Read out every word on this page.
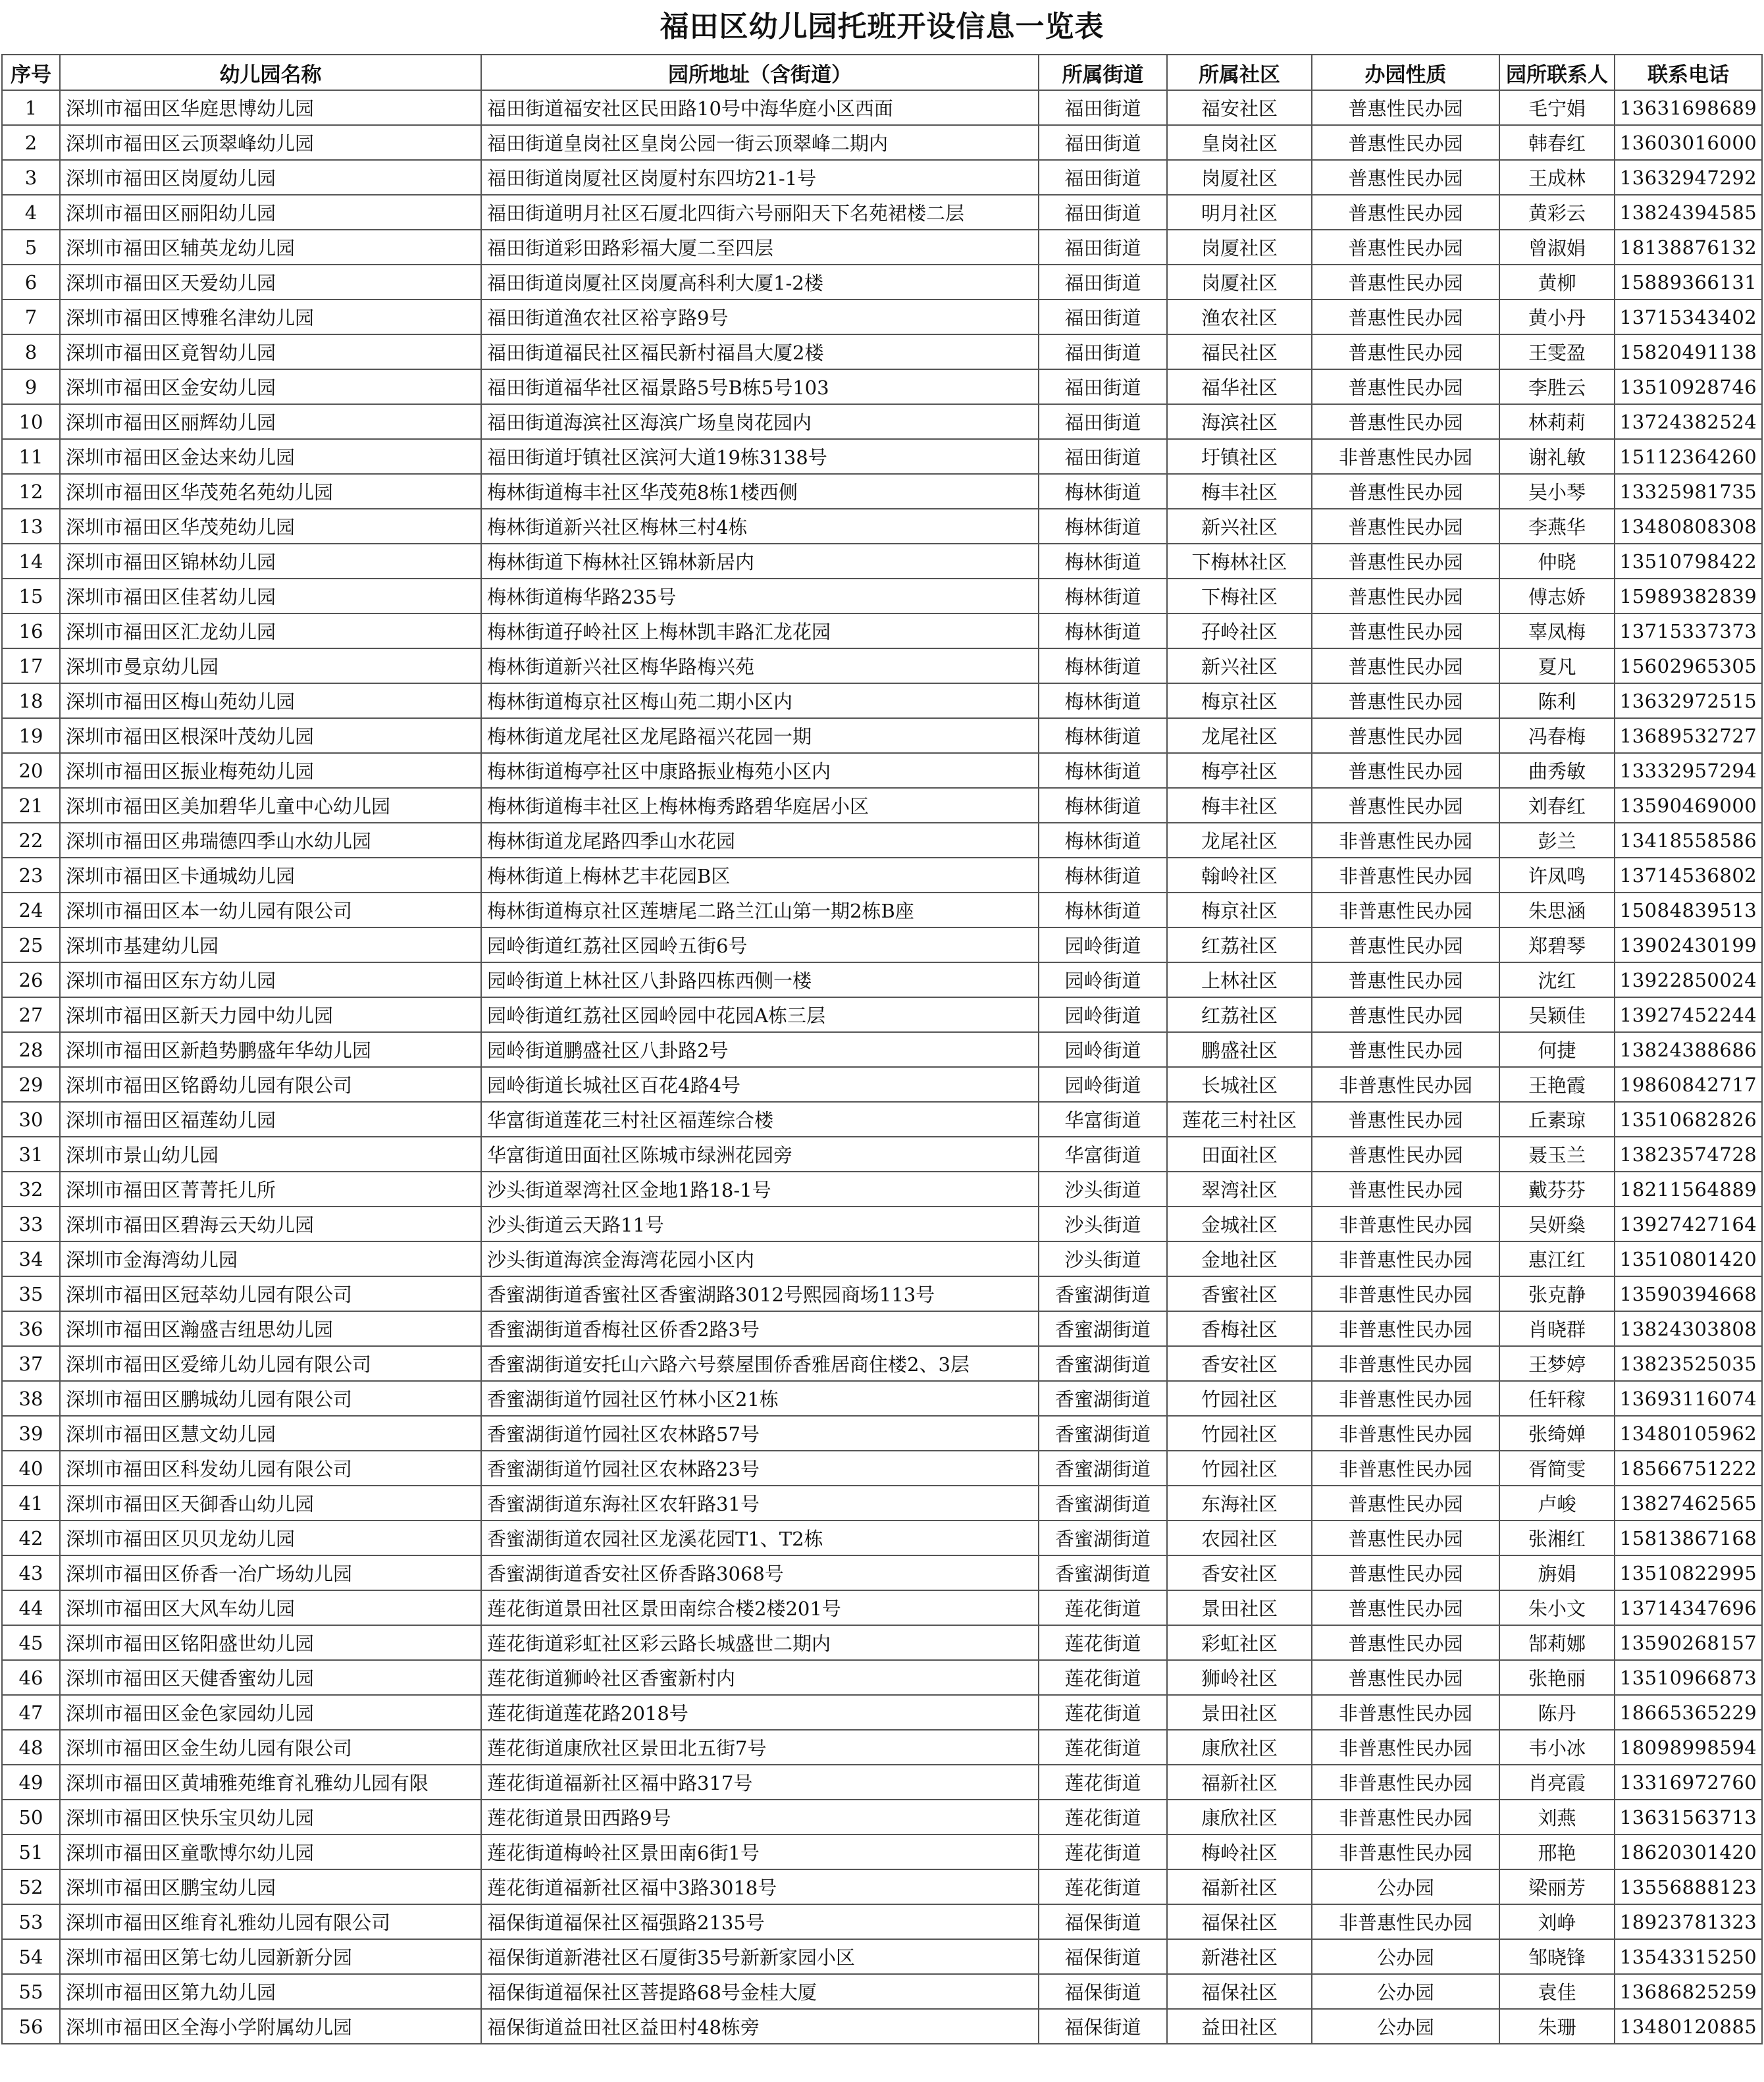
福田区幼儿园托班开设信息一览表
序号	幼儿园名称	园所地址（含街道）	所属街道	所属社区	办园性质	园所联系人	联系电话
1	深圳市福田区华庭思博幼儿园	福田街道福安社区民田路10号中海华庭小区西面	福田街道	福安社区	普惠性民办园	毛宁娟	13631698689
2	深圳市福田区云顶翠峰幼儿园	福田街道皇岗社区皇岗公园一街云顶翠峰二期内	福田街道	皇岗社区	普惠性民办园	韩春红	13603016000
3	深圳市福田区岗厦幼儿园	福田街道岗厦社区岗厦村东四坊21-1号	福田街道	岗厦社区	普惠性民办园	王成林	13632947292
4	深圳市福田区丽阳幼儿园	福田街道明月社区石厦北四街六号丽阳天下名苑裙楼二层	福田街道	明月社区	普惠性民办园	黄彩云	13824394585
5	深圳市福田区辅英龙幼儿园	福田街道彩田路彩福大厦二至四层	福田街道	岗厦社区	普惠性民办园	曾淑娟	18138876132
6	深圳市福田区天爱幼儿园	福田街道岗厦社区岗厦高科利大厦1-2楼	福田街道	岗厦社区	普惠性民办园	黄柳	15889366131
7	深圳市福田区博雅名津幼儿园	福田街道渔农社区裕亨路9号	福田街道	渔农社区	普惠性民办园	黄小丹	13715343402
8	深圳市福田区竟智幼儿园	福田街道福民社区福民新村福昌大厦2楼	福田街道	福民社区	普惠性民办园	王雯盈	15820491138
9	深圳市福田区金安幼儿园	福田街道福华社区福景路5号B栋5号103	福田街道	福华社区	普惠性民办园	李胜云	13510928746
10	深圳市福田区丽辉幼儿园	福田街道海滨社区海滨广场皇岗花园内	福田街道	海滨社区	普惠性民办园	林莉莉	13724382524
11	深圳市福田区金达来幼儿园	福田街道圩镇社区滨河大道19栋3138号	福田街道	圩镇社区	非普惠性民办园	谢礼敏	15112364260
12	深圳市福田区华茂苑名苑幼儿园	梅林街道梅丰社区华茂苑8栋1楼西侧	梅林街道	梅丰社区	普惠性民办园	吴小琴	13325981735
13	深圳市福田区华茂苑幼儿园	梅林街道新兴社区梅林三村4栋	梅林街道	新兴社区	普惠性民办园	李燕华	13480808308
14	深圳市福田区锦林幼儿园	梅林街道下梅林社区锦林新居内	梅林街道	下梅林社区	普惠性民办园	仲晓	13510798422
15	深圳市福田区佳茗幼儿园	梅林街道梅华路235号	梅林街道	下梅社区	普惠性民办园	傅志娇	15989382839
16	深圳市福田区汇龙幼儿园	梅林街道孖岭社区上梅林凯丰路汇龙花园	梅林街道	孖岭社区	普惠性民办园	辜凤梅	13715337373
17	深圳市曼京幼儿园	梅林街道新兴社区梅华路梅兴苑	梅林街道	新兴社区	普惠性民办园	夏凡	15602965305
18	深圳市福田区梅山苑幼儿园	梅林街道梅京社区梅山苑二期小区内	梅林街道	梅京社区	普惠性民办园	陈利	13632972515
19	深圳市福田区根深叶茂幼儿园	梅林街道龙尾社区龙尾路福兴花园一期	梅林街道	龙尾社区	普惠性民办园	冯春梅	13689532727
20	深圳市福田区振业梅苑幼儿园	梅林街道梅亭社区中康路振业梅苑小区内	梅林街道	梅亭社区	普惠性民办园	曲秀敏	13332957294
21	深圳市福田区美加碧华儿童中心幼儿园	梅林街道梅丰社区上梅林梅秀路碧华庭居小区	梅林街道	梅丰社区	普惠性民办园	刘春红	13590469000
22	深圳市福田区弗瑞德四季山水幼儿园	梅林街道龙尾路四季山水花园	梅林街道	龙尾社区	非普惠性民办园	彭兰	13418558586
23	深圳市福田区卡通城幼儿园	梅林街道上梅林艺丰花园B区	梅林街道	翰岭社区	非普惠性民办园	许凤鸣	13714536802
24	深圳市福田区本一幼儿园有限公司	梅林街道梅京社区莲塘尾二路兰江山第一期2栋B座	梅林街道	梅京社区	非普惠性民办园	朱思涵	15084839513
25	深圳市基建幼儿园	园岭街道红荔社区园岭五街6号	园岭街道	红荔社区	普惠性民办园	郑碧琴	13902430199
26	深圳市福田区东方幼儿园	园岭街道上林社区八卦路四栋西侧一楼	园岭街道	上林社区	普惠性民办园	沈红	13922850024
27	深圳市福田区新天力园中幼儿园	园岭街道红荔社区园岭园中花园A栋三层	园岭街道	红荔社区	普惠性民办园	吴颖佳	13927452244
28	深圳市福田区新趋势鹏盛年华幼儿园	园岭街道鹏盛社区八卦路2号	园岭街道	鹏盛社区	普惠性民办园	何捷	13824388686
29	深圳市福田区铭爵幼儿园有限公司	园岭街道长城社区百花4路4号	园岭街道	长城社区	非普惠性民办园	王艳霞	19860842717
30	深圳市福田区福莲幼儿园	华富街道莲花三村社区福莲综合楼	华富街道	莲花三村社区	普惠性民办园	丘素琼	13510682826
31	深圳市景山幼儿园	华富街道田面社区陈城市绿洲花园旁	华富街道	田面社区	普惠性民办园	聂玉兰	13823574728
32	深圳市福田区菁菁托儿所	沙头街道翠湾社区金地1路18-1号	沙头街道	翠湾社区	普惠性民办园	戴芬芬	18211564889
33	深圳市福田区碧海云天幼儿园	沙头街道云天路11号	沙头街道	金城社区	非普惠性民办园	吴妍燊	13927427164
34	深圳市金海湾幼儿园	沙头街道海滨金海湾花园小区内	沙头街道	金地社区	非普惠性民办园	惠江红	13510801420
35	深圳市福田区冠萃幼儿园有限公司	香蜜湖街道香蜜社区香蜜湖路3012号熙园商场113号	香蜜湖街道	香蜜社区	非普惠性民办园	张克静	13590394668
36	深圳市福田区瀚盛吉纽思幼儿园	香蜜湖街道香梅社区侨香2路3号	香蜜湖街道	香梅社区	非普惠性民办园	肖晓群	13824303808
37	深圳市福田区爱缔儿幼儿园有限公司	香蜜湖街道安托山六路六号蔡屋围侨香雅居商住楼2、3层	香蜜湖街道	香安社区	非普惠性民办园	王梦婷	13823525035
38	深圳市福田区鹏城幼儿园有限公司	香蜜湖街道竹园社区竹林小区21栋	香蜜湖街道	竹园社区	非普惠性民办园	任轩稼	13693116074
39	深圳市福田区慧文幼儿园	香蜜湖街道竹园社区农林路57号	香蜜湖街道	竹园社区	非普惠性民办园	张绮婵	13480105962
40	深圳市福田区科发幼儿园有限公司	香蜜湖街道竹园社区农林路23号	香蜜湖街道	竹园社区	非普惠性民办园	胥简雯	18566751222
41	深圳市福田区天御香山幼儿园	香蜜湖街道东海社区农轩路31号	香蜜湖街道	东海社区	普惠性民办园	卢峻	13827462565
42	深圳市福田区贝贝龙幼儿园	香蜜湖街道农园社区龙溪花园T1、T2栋	香蜜湖街道	农园社区	普惠性民办园	张湘红	15813867168
43	深圳市福田区侨香一冶广场幼儿园	香蜜湖街道香安社区侨香路3068号	香蜜湖街道	香安社区	普惠性民办园	旃娟	13510822995
44	深圳市福田区大风车幼儿园	莲花街道景田社区景田南综合楼2楼201号	莲花街道	景田社区	普惠性民办园	朱小文	13714347696
45	深圳市福田区铭阳盛世幼儿园	莲花街道彩虹社区彩云路长城盛世二期内	莲花街道	彩虹社区	普惠性民办园	郜莉娜	13590268157
46	深圳市福田区天健香蜜幼儿园	莲花街道狮岭社区香蜜新村内	莲花街道	狮岭社区	普惠性民办园	张艳丽	13510966873
47	深圳市福田区金色家园幼儿园	莲花街道莲花路2018号	莲花街道	景田社区	非普惠性民办园	陈丹	18665365229
48	深圳市福田区金生幼儿园有限公司	莲花街道康欣社区景田北五街7号	莲花街道	康欣社区	非普惠性民办园	韦小冰	18098998594
49	深圳市福田区黄埔雅苑维育礼雅幼儿园有限	莲花街道福新社区福中路317号	莲花街道	福新社区	非普惠性民办园	肖亮霞	13316972760
50	深圳市福田区快乐宝贝幼儿园	莲花街道景田西路9号	莲花街道	康欣社区	非普惠性民办园	刘燕	13631563713
51	深圳市福田区童歌博尔幼儿园	莲花街道梅岭社区景田南6街1号	莲花街道	梅岭社区	非普惠性民办园	邢艳	18620301420
52	深圳市福田区鹏宝幼儿园	莲花街道福新社区福中3路3018号	莲花街道	福新社区	公办园	梁丽芳	13556888123
53	深圳市福田区维育礼雅幼儿园有限公司	福保街道福保社区福强路2135号	福保街道	福保社区	非普惠性民办园	刘峥	18923781323
54	深圳市福田区第七幼儿园新新分园	福保街道新港社区石厦街35号新新家园小区	福保街道	新港社区	公办园	邹晓锋	13543315250
55	深圳市福田区第九幼儿园	福保街道福保社区菩提路68号金桂大厦	福保街道	福保社区	公办园	袁佳	13686825259
56	深圳市福田区全海小学附属幼儿园	福保街道益田社区益田村48栋旁	福保街道	益田社区	公办园	朱珊	13480120885
